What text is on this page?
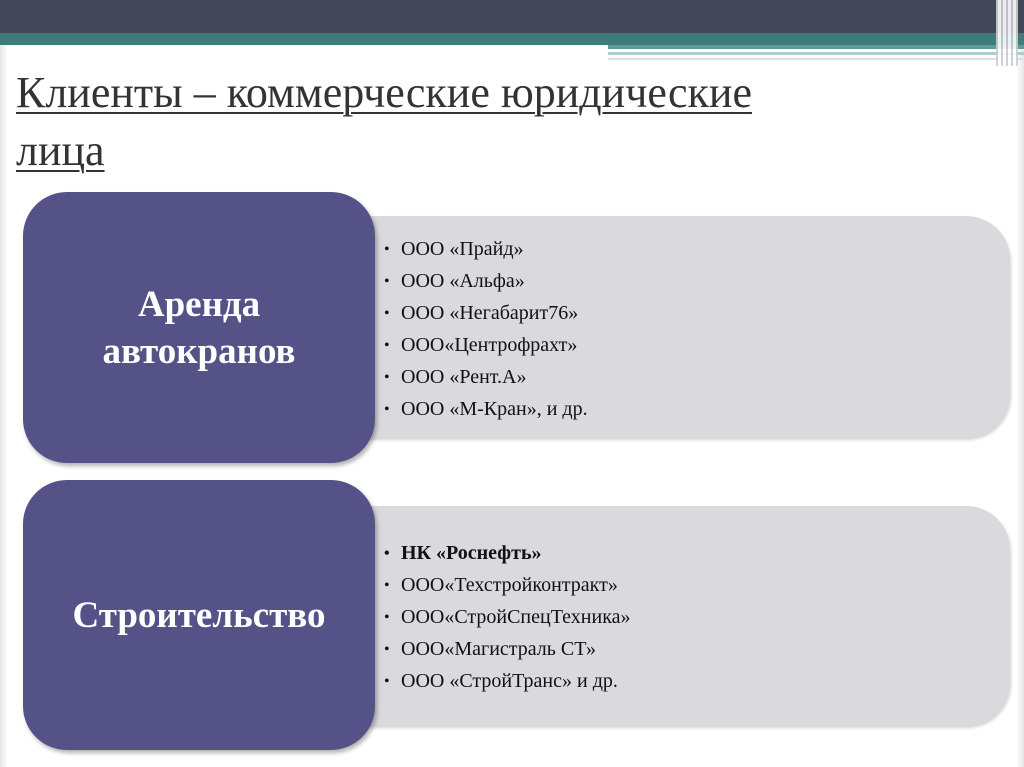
Клиенты – коммерческие юридические
лица
• ООО «Прайд»
• ООО «Альфа»
• ООО «Негабарит76»
• ООО«Центрофрахт»
• ООО «Рент.А»
• ООО «М-Кран», и др.
Аренда
автокранов
• НК «Роснефть»
• ООО«Техстройконтракт»
• ООО«СтройСпецТехника»
• ООО«Магистраль СТ»
• ООО «СтройТранс» и др.
Строительство
